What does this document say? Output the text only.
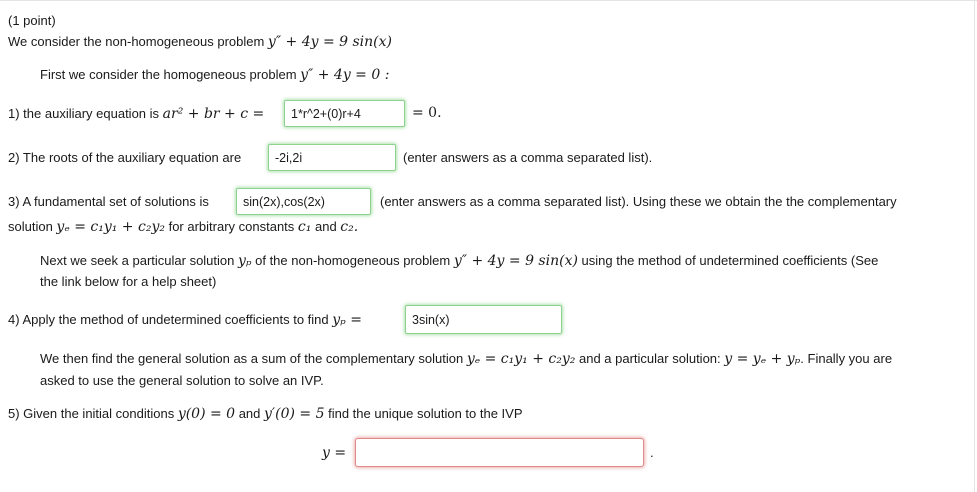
(1 point)
We consider the non-homogeneous problem y″ + 4y = 9 sin(x)
First we consider the homogeneous problem y″ + 4y = 0 :
1) the auxiliary equation is ar² + br + c =	1*r^2+(0)r+4	= 0.
2) The roots of the auxiliary equation are	-2i,2i	(enter answers as a comma separated list).
3) A fundamental set of solutions is	sin(2x),cos(2x)	(enter answers as a comma separated list). Using these we obtain the the complementary
solution yₑ = c₁y₁ + c₂y₂ for arbitrary constants c₁ and c₂.
Next we seek a particular solution yₚ of the non-homogeneous problem y″ + 4y = 9 sin(x) using the method of undetermined coefficients (See
the link below for a help sheet)
4) Apply the method of undetermined coefficients to find yₚ =	3sin(x)
We then find the general solution as a sum of the complementary solution yₑ = c₁y₁ + c₂y₂ and a particular solution: y = yₑ + yₚ. Finally you are
asked to use the general solution to solve an IVP.
5) Given the initial conditions y(0) = 0 and y′(0) = 5 find the unique solution to the IVP
y =	.
